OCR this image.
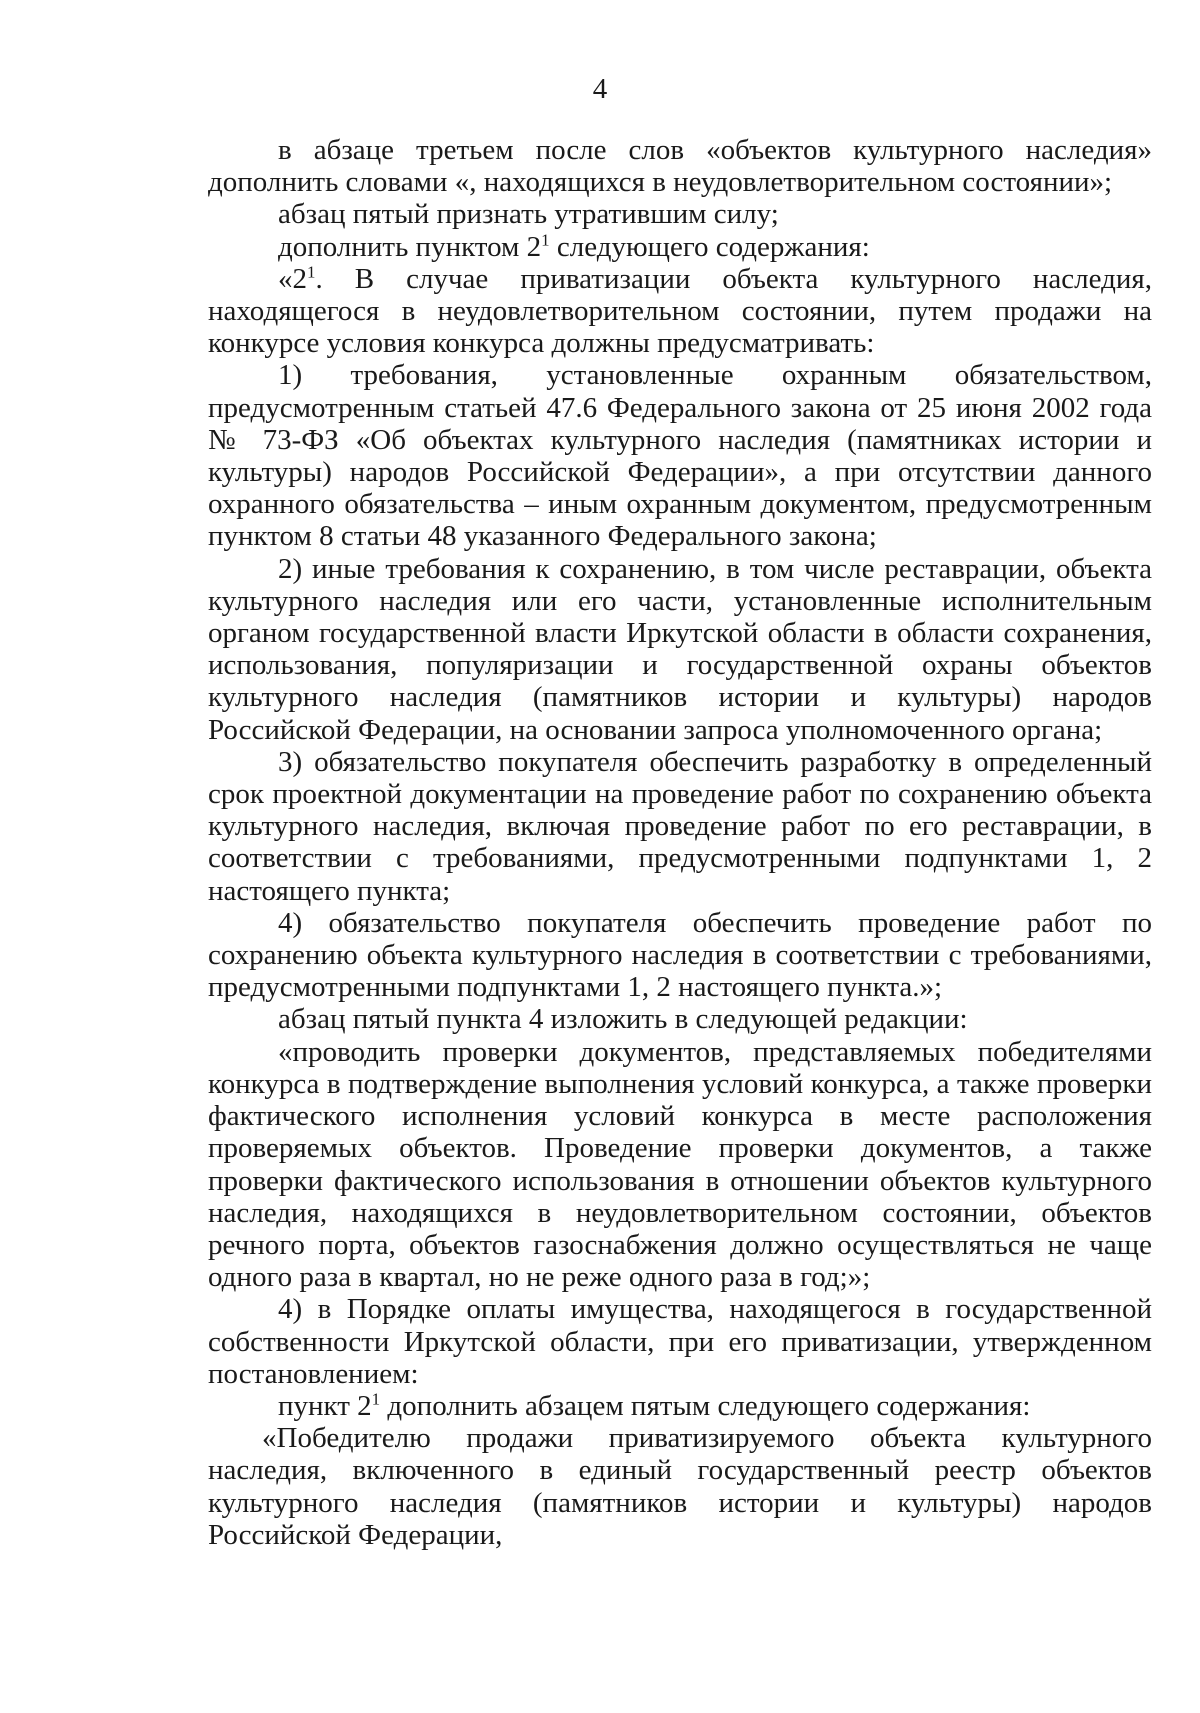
4

в абзаце третьем после слов «объектов культурного наследия» дополнить словами «, находящихся в неудовлетворительном состоянии»;

абзац пятый признать утратившим силу;

дополнить пунктом $2^1$ следующего содержания:

«$2^1$. В случае приватизации объекта культурного наследия, находящегося в неудовлетворительном состоянии, путем продажи на конкурсе условия конкурса должны предусматривать:

1) требования, установленные охранным обязательством, предусмотренным статьей 47.6 Федерального закона от 25 июня 2002 года № 73-ФЗ «Об объектах культурного наследия (памятниках истории и культуры) народов Российской Федерации», а при отсутствии данного охранного обязательства – иным охранным документом, предусмотренным пунктом 8 статьи 48 указанного Федерального закона;

2) иные требования к сохранению, в том числе реставрации, объекта культурного наследия или его части, установленные исполнительным органом государственной власти Иркутской области в области сохранения, использования, популяризации и государственной охраны объектов культурного наследия (памятников истории и культуры) народов Российской Федерации, на основании запроса уполномоченного органа;

3) обязательство покупателя обеспечить разработку в определенный срок проектной документации на проведение работ по сохранению объекта культурного наследия, включая проведение работ по его реставрации, в соответствии с требованиями, предусмотренными подпунктами 1, 2 настоящего пункта;

4) обязательство покупателя обеспечить проведение работ по сохранению объекта культурного наследия в соответствии с требованиями, предусмотренными подпунктами 1, 2 настоящего пункта.»;

абзац пятый пункта 4 изложить в следующей редакции:

«проводить проверки документов, представляемых победителями конкурса в подтверждение выполнения условий конкурса, а также проверки фактического исполнения условий конкурса в месте расположения проверяемых объектов. Проведение проверки документов, а также проверки фактического использования в отношении объектов культурного наследия, находящихся в неудовлетворительном состоянии, объектов речного порта, объектов газоснабжения должно осуществляться не чаще одного раза в квартал, но не реже одного раза в год;»;

4) в Порядке оплаты имущества, находящегося в государственной собственности Иркутской области, при его приватизации, утвержденном постановлением:

пункт $2^1$ дополнить абзацем пятым следующего содержания:

«Победителю продажи приватизируемого объекта культурного наследия, включенного в единый государственный реестр объектов культурного наследия (памятников истории и культуры) народов Российской Федерации,
